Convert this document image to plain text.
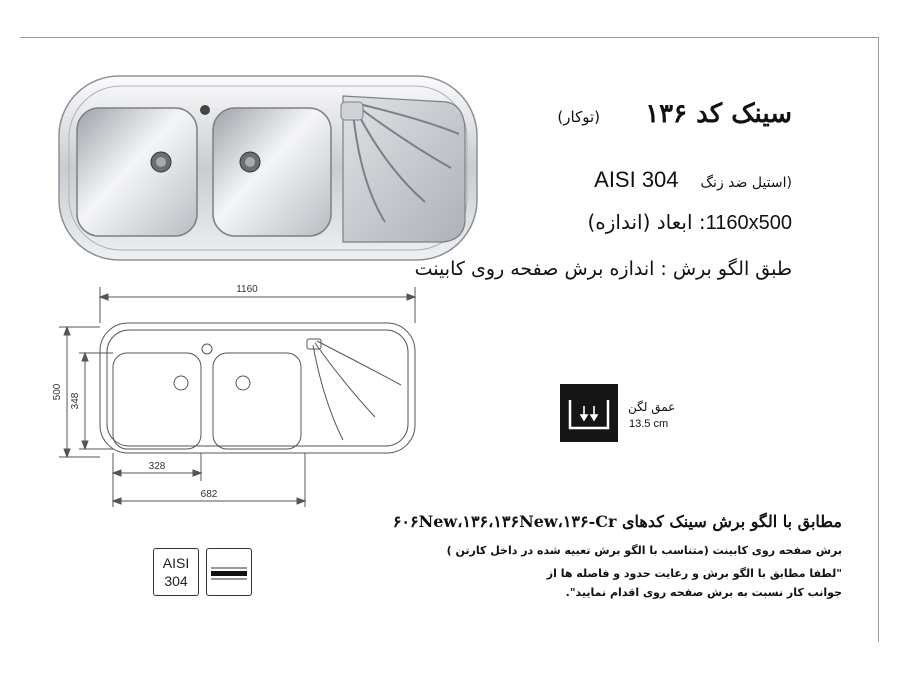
1160
500
348
328
682
سینک کد ۱۳۶
(توکار)
AISI 304 (استیل ضد زنگ
1160x500: ابعاد (اندازه)
طبق الگو برش : اندازه برش صفحه روی کابینت
عمق لگن
13.5 cm
مطابق با الگو برش سینک کدهای ۶۰۶New،۱۳۶،۱۳۶New،۱۳۶-Cr
برش صفحه روی کابینت (متناسب با الگو برش تعبیه شده در داخل کارتن )
"لطفا مطابق با الگو برش و رعایت حدود و فاصله ها از
جوانب کار نسبت به برش صفحه روی اقدام نمایید".
AISI
304
